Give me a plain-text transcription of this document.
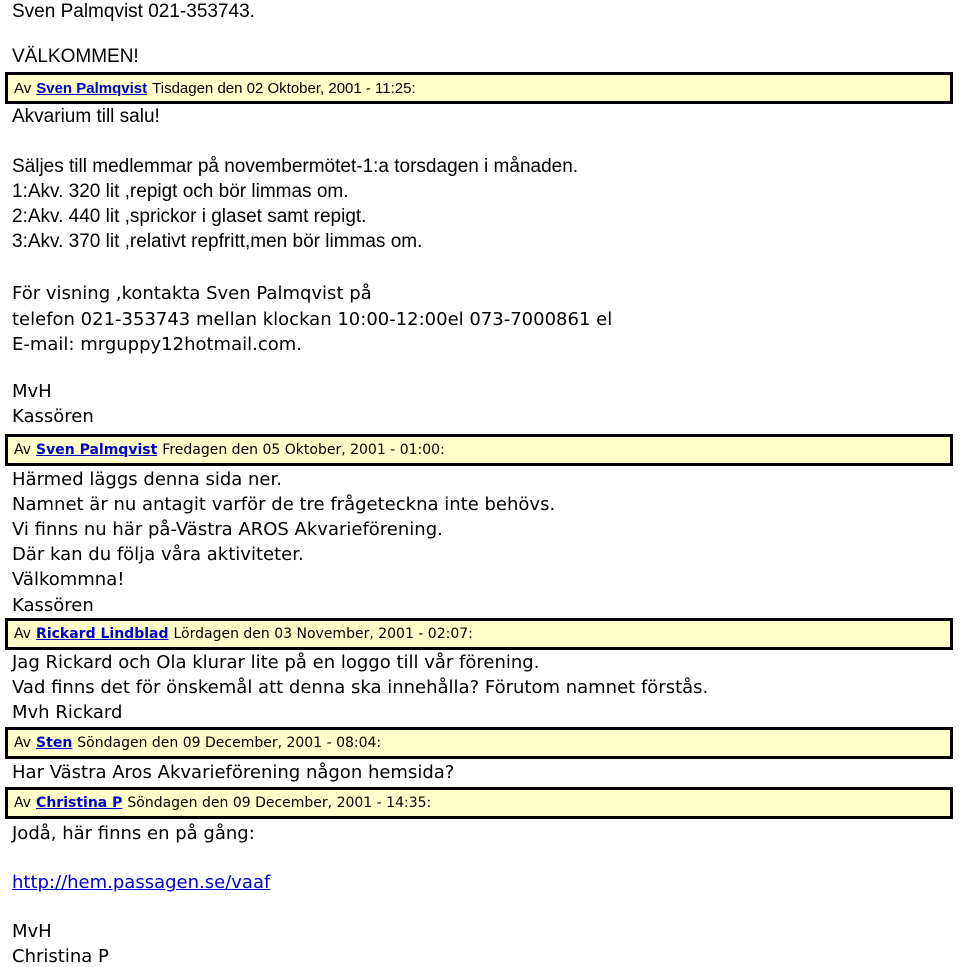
Sven Palmqvist 021-353743.
VÄLKOMMEN!
Av Sven Palmqvist Tisdagen den 02 Oktober, 2001 - 11:25:
Akvarium till salu!
Säljes till medlemmar på novembermötet-1:a torsdagen i månaden.
1:Akv. 320 lit ,repigt och bör limmas om.
2:Akv. 440 lit ,sprickor i glaset samt repigt.
3:Akv. 370 lit ,relativt repfritt,men bör limmas om.
För visning ,kontakta Sven Palmqvist på
telefon 021-353743 mellan klockan 10:00-12:00el 073-7000861 el
E-mail: mrguppy12hotmail.com.
MvH
Kassören
Av Sven Palmqvist Fredagen den 05 Oktober, 2001 - 01:00:
Härmed läggs denna sida ner.
Namnet är nu antagit varför de tre frågeteckna inte behövs.
Vi finns nu här på-Västra AROS Akvarieförening.
Där kan du följa våra aktiviteter.
Välkommna!
Kassören
Av Rickard Lindblad Lördagen den 03 November, 2001 - 02:07:
Jag Rickard och Ola klurar lite på en loggo till vår förening.
Vad finns det för önskemål att denna ska innehålla? Förutom namnet förstås.
Mvh Rickard
Av Sten Söndagen den 09 December, 2001 - 08:04:
Har Västra Aros Akvarieförening någon hemsida?
Av Christina P Söndagen den 09 December, 2001 - 14:35:
Jodå, här finns en på gång:
http://hem.passagen.se/vaaf
MvH
Christina P
